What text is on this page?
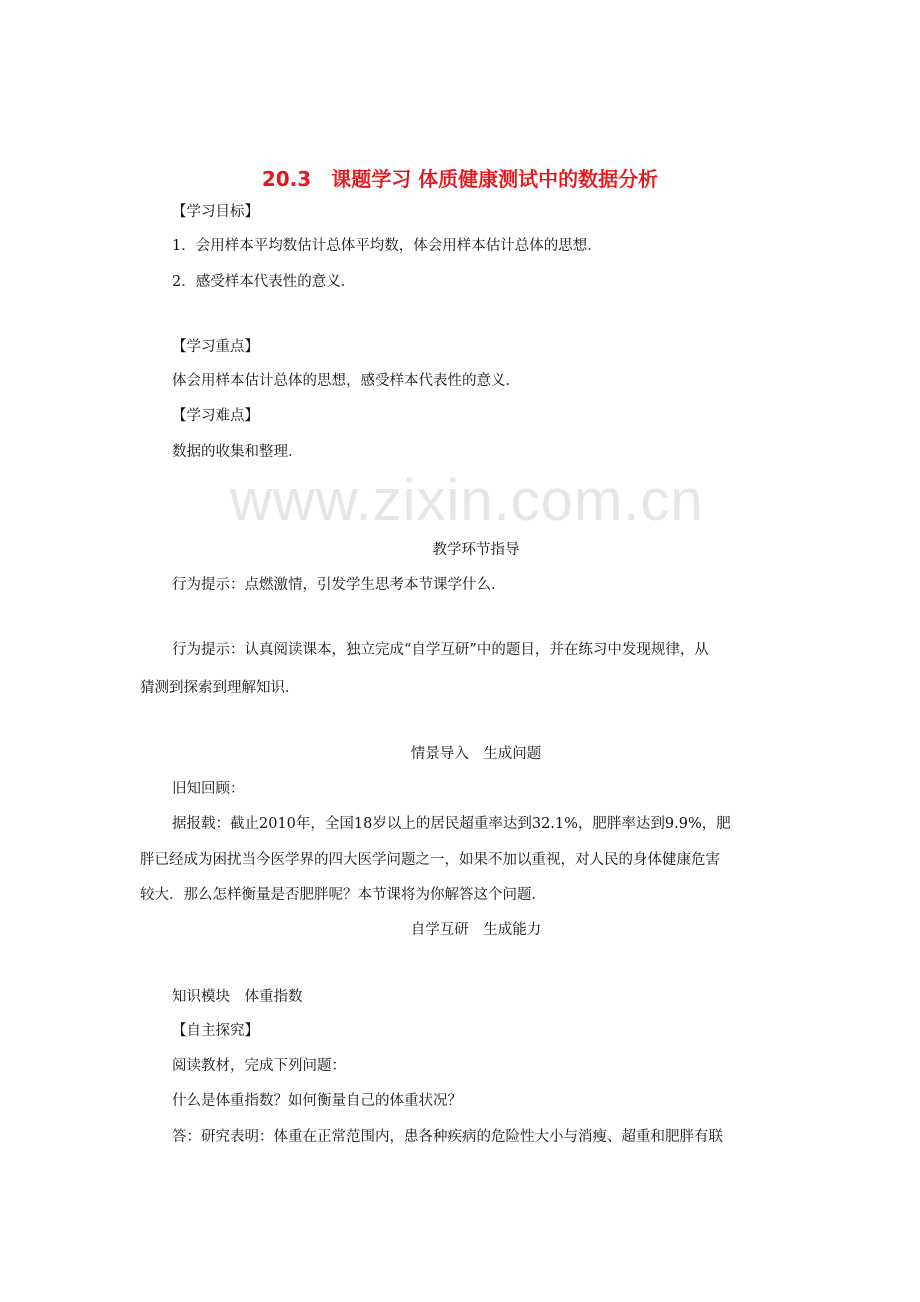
www.zixin.com.cn
20.3　课题学习 体质健康测试中的数据分析
【学习目标】
1．会用样本平均数估计总体平均数，体会用样本估计总体的思想．
2．感受样本代表性的意义．
【学习重点】
体会用样本估计总体的思想，感受样本代表性的意义．
【学习难点】
数据的收集和整理．
教学环节指导
行为提示：点燃激情，引发学生思考本节课学什么．
行为提示：认真阅读课本，独立完成“自学互研”中的题目，并在练习中发现规律，从
猜测到探索到理解知识．
情景导入　生成问题
旧知回顾：
据报载：截止2010年，全国18岁以上的居民超重率达到32.1%，肥胖率达到9.9%，肥
胖已经成为困扰当今医学界的四大医学问题之一，如果不加以重视，对人民的身体健康危害
较大．那么怎样衡量是否肥胖呢？本节课将为你解答这个问题．
自学互研　生成能力
知识模块　体重指数
【自主探究】
阅读教材，完成下列问题：
什么是体重指数？如何衡量自己的体重状况？
答：研究表明：体重在正常范围内，患各种疾病的危险性大小与消瘦、超重和肥胖有联
